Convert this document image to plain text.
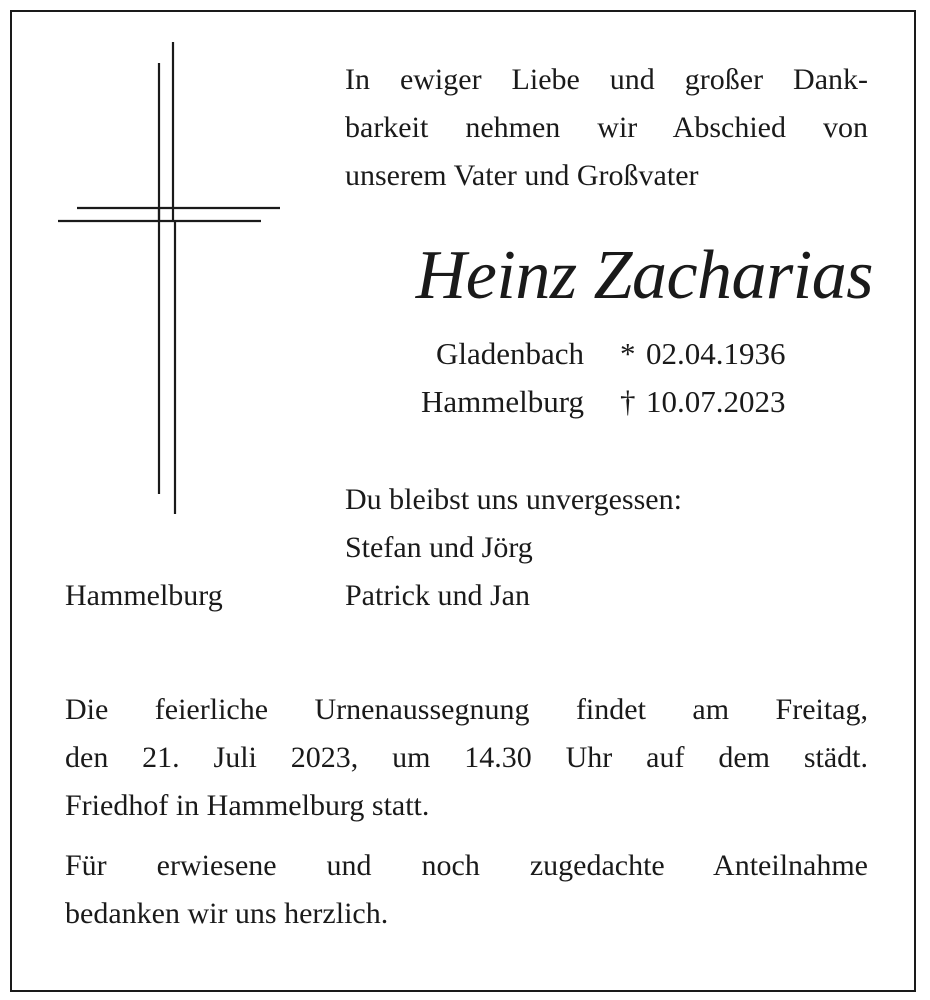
In ewiger Liebe und großer Dank-
barkeit nehmen wir Abschied von
unserem Vater und Großvater
Heinz Zacharias
Gladenbach	* 02.04.1936
Hammelburg	† 10.07.2023
Du bleibst uns unvergessen:
Stefan und Jörg
Patrick und Jan
Hammelburg
Die feierliche Urnenaussegnung findet am Freitag,
den 21. Juli 2023, um 14.30 Uhr auf dem städt.
Friedhof in Hammelburg statt.
Für erwiesene und noch zugedachte Anteilnahme
bedanken wir uns herzlich.
